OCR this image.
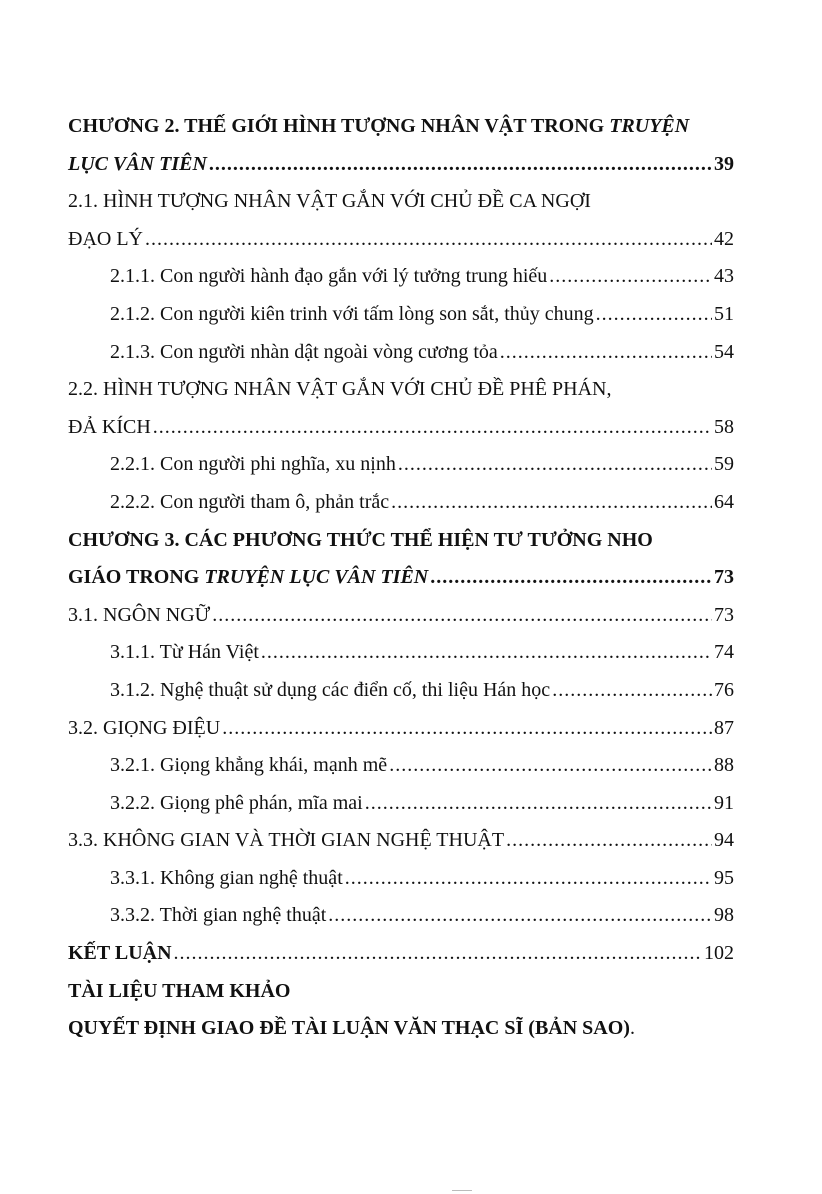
CHƯƠNG 2. THẾ GIỚI HÌNH TƯỢNG NHÂN VẬT TRONG TRUYỆN
LỤC VÂN TIÊN .....	39
2.1. HÌNH TƯỢNG NHÂN VẬT GẮN VỚI CHỦ ĐỀ CA NGỢI
ĐẠO LÝ .....	42
2.1.1. Con người hành đạo gắn với lý tưởng trung hiếu .....	43
2.1.2. Con người kiên trinh với tấm lòng son sắt, thủy chung .....	51
2.1.3. Con người nhàn dật ngoài vòng cương tỏa .....	54
2.2. HÌNH TƯỢNG NHÂN VẬT GẮN VỚI CHỦ ĐỀ PHÊ PHÁN,
ĐẢ KÍCH .....	58
2.2.1. Con người phi nghĩa, xu nịnh .....	59
2.2.2. Con người tham ô, phản trắc .....	64
CHƯƠNG 3. CÁC PHƯƠNG THỨC THỂ HIỆN TƯ TƯỞNG NHO
GIÁO TRONG TRUYỆN LỤC VÂN TIÊN .....	73
3.1. NGÔN NGỮ .....	73
3.1.1. Từ Hán Việt .....	74
3.1.2. Nghệ thuật sử dụng các điển cố, thi liệu Hán học .....	76
3.2. GIỌNG ĐIỆU .....	87
3.2.1. Giọng khẳng khái, mạnh mẽ .....	88
3.2.2. Giọng phê phán, mĩa mai .....	91
3.3. KHÔNG GIAN VÀ THỜI GIAN NGHỆ THUẬT .....	94
3.3.1. Không gian nghệ thuật .....	95
3.3.2. Thời gian nghệ thuật .....	98
KẾT LUẬN .....	102
TÀI LIỆU THAM KHẢO
QUYẾT ĐỊNH GIAO ĐỀ TÀI LUẬN VĂN THẠC SĨ (BẢN SAO).
